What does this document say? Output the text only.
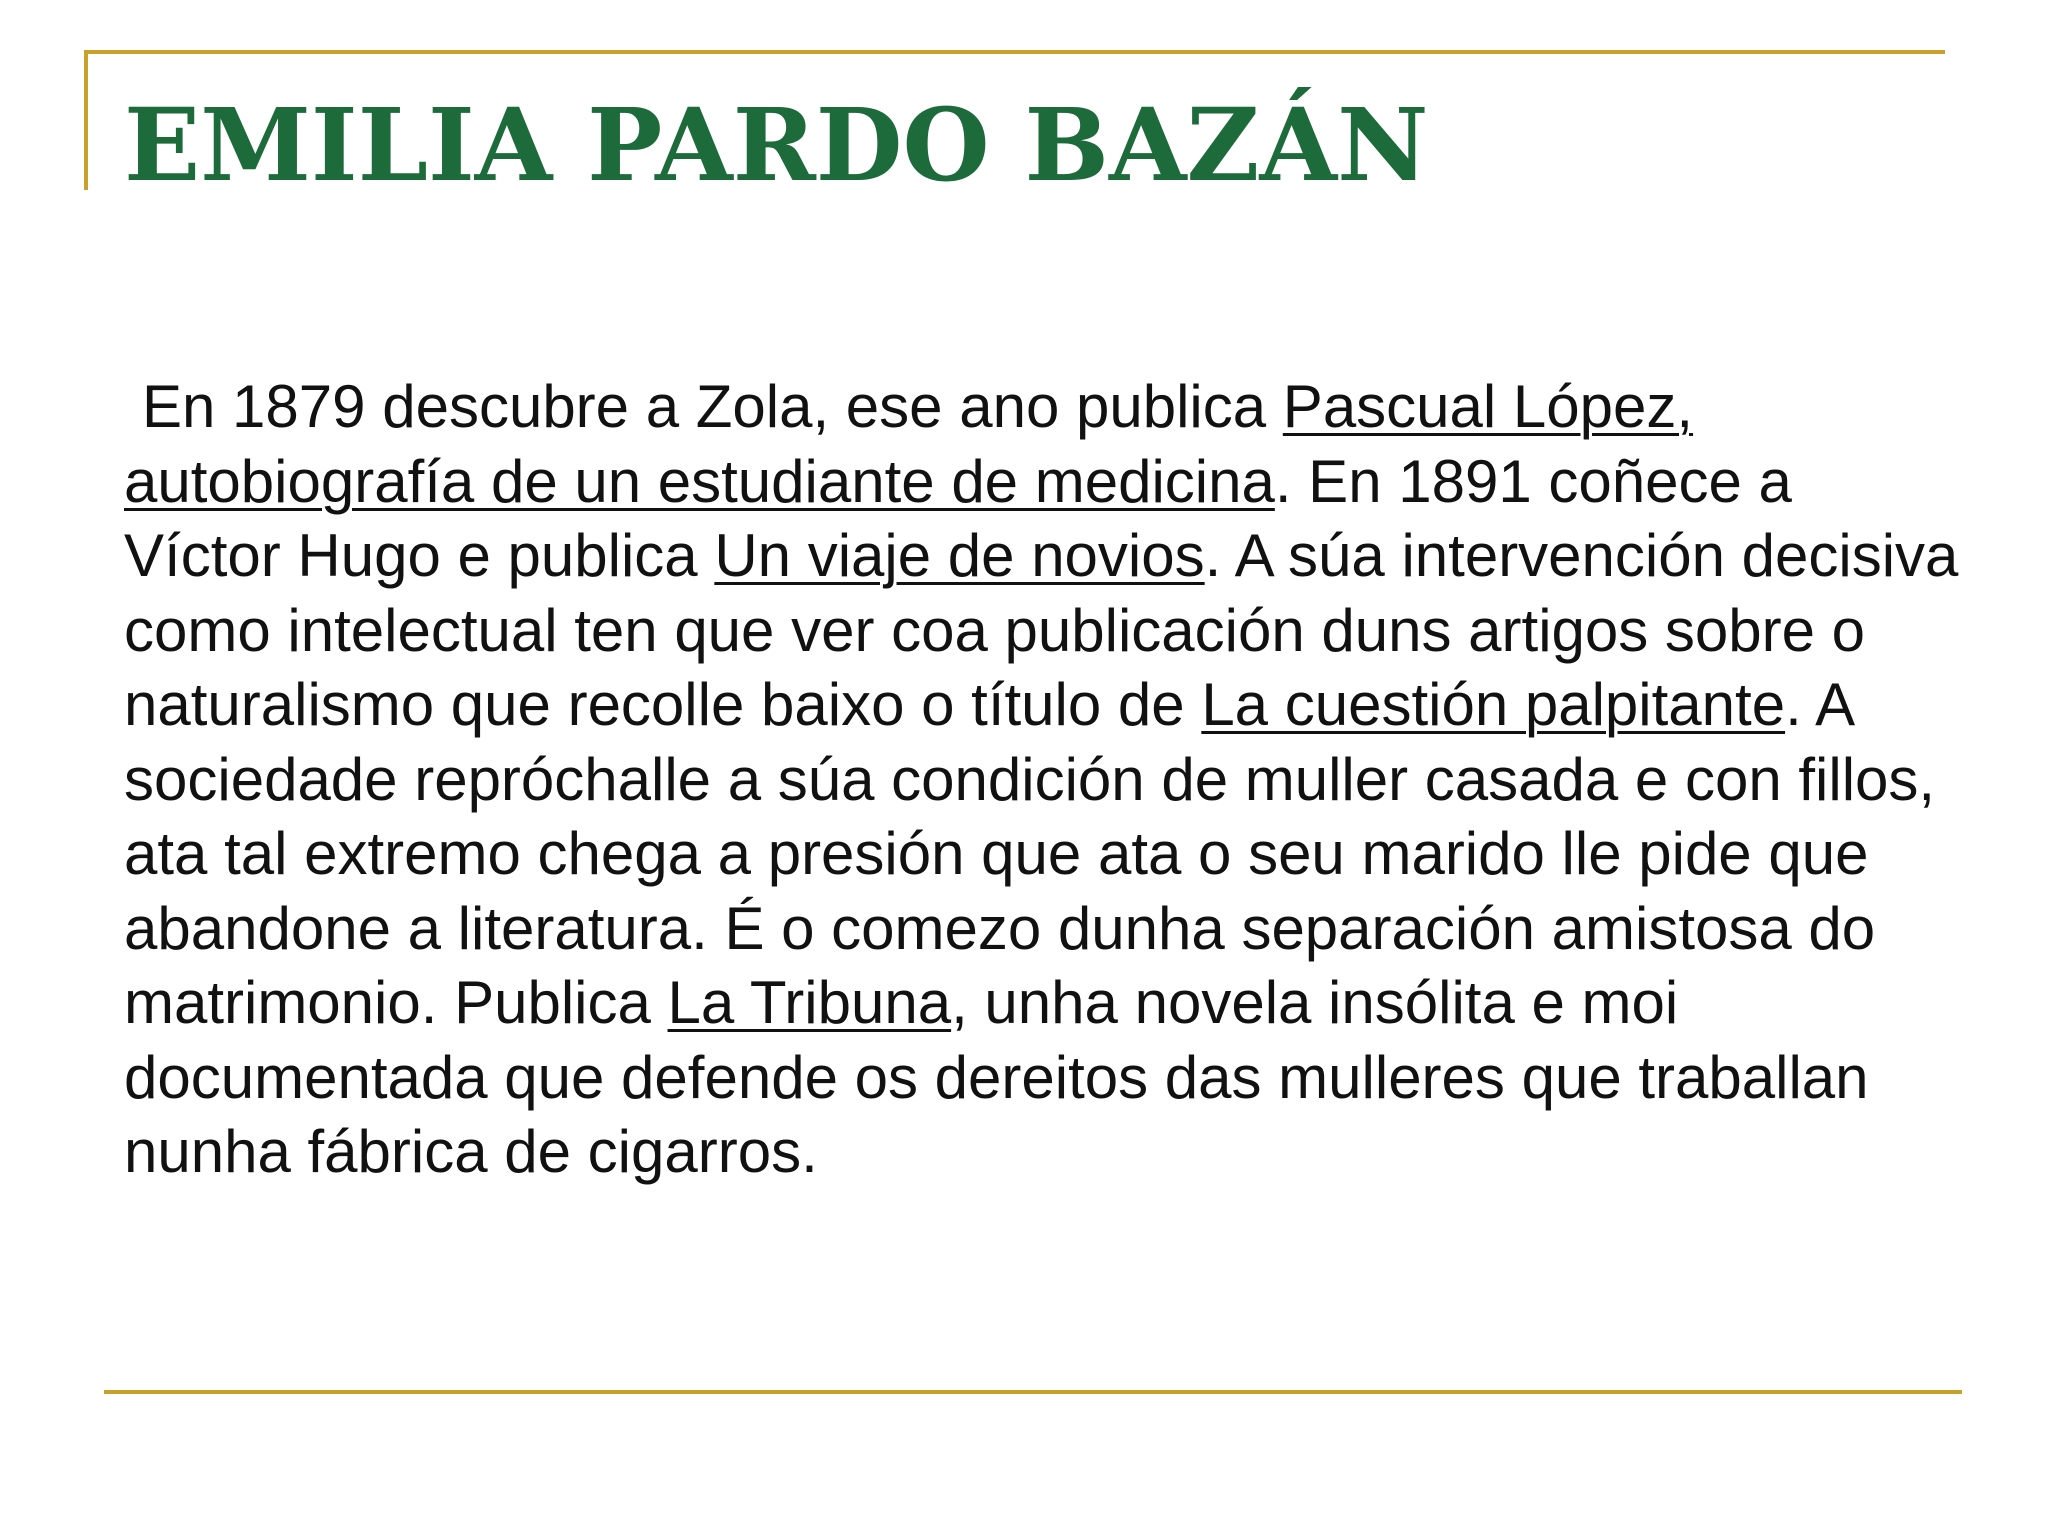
EMILIA PARDO BAZÁN

En 1879 descubre a Zola, ese ano publica Pascual López, autobiografía de un estudiante de medicina. En 1891 coñece a Víctor Hugo e publica Un viaje de novios. A súa intervención decisiva como intelectual ten que ver coa publicación duns artigos sobre o naturalismo que recolle baixo o título de La cuestión palpitante. A sociedade repróchalle a súa condición de muller casada e con fillos, ata tal extremo chega a presión que ata o seu marido lle pide que abandone a literatura. É o comezo dunha separación amistosa do matrimonio. Publica La Tribuna, unha novela insólita e moi documentada que defende os dereitos das mulleres que traballan nunha fábrica de cigarros.
